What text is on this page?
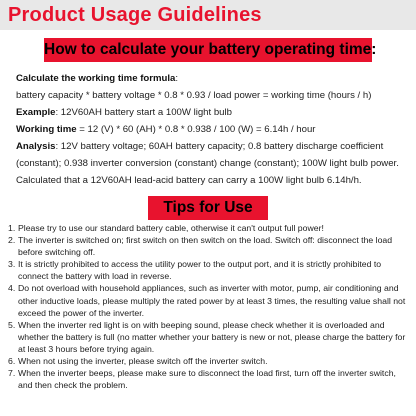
Product Usage Guidelines
How to calculate your battery operating time:
Calculate the working time formula:
battery capacity * battery voltage * 0.8 * 0.93 / load power = working time (hours / h)
Example: 12V60AH battery start a 100W light bulb
Working time = 12 (V) * 60 (AH) * 0.8 * 0.938 / 100 (W) = 6.14h / hour
Analysis: 12V battery voltage; 60AH battery capacity; 0.8 battery discharge coefficient (constant); 0.938 inverter conversion (constant) change (constant); 100W light bulb power. Calculated that a 12V60AH lead-acid battery can carry a 100W light bulb 6.14h/h.
Tips for Use
1. Please try to use our standard battery cable, otherwise it can't output full power!
2. The inverter is switched on; first switch on then switch on the load. Switch off: disconnect the load before switching off.
3. It is strictly prohibited to access the utility power to the output port, and it is strictly prohibited to connect the battery with load in reverse.
4. Do not overload with household appliances, such as inverter with motor, pump, air conditioning and other inductive loads, please multiply the rated power by at least 3 times, the resulting value shall not exceed the power of the inverter.
5. When the inverter red light is on with beeping sound, please check whether it is overloaded and whether the battery is full (no matter whether your battery is new or not, please charge the battery for at least 3 hours before trying again.
6. When not using the inverter, please switch off the inverter switch.
7. When the inverter beeps, please make sure to disconnect the load first, turn off the inverter switch, and then check the problem.
